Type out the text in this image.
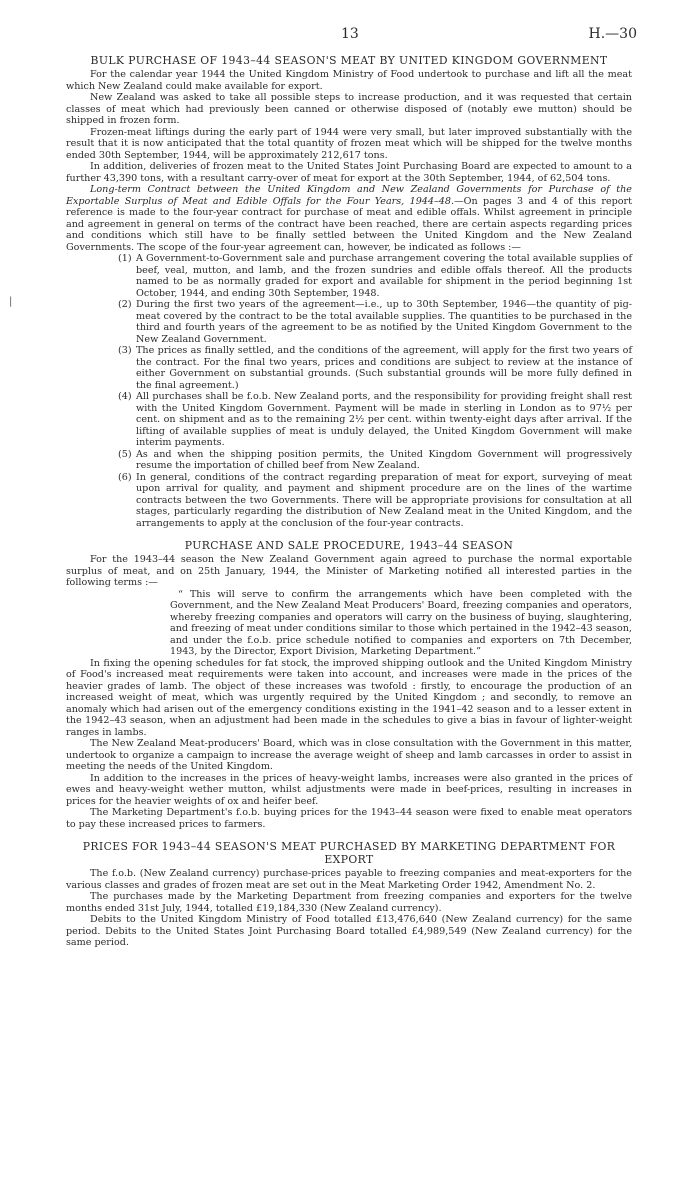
|
13	H.—30
BULK PURCHASE OF 1943–44 SEASON'S MEAT BY UNITED KINGDOM GOVERNMENT

For the calendar year 1944 the United Kingdom Ministry of Food undertook to purchase and lift all the meat which New Zealand could make available for export.

New Zealand was asked to take all possible steps to increase production, and it was requested that certain classes of meat which had previously been canned or otherwise disposed of (notably ewe mutton) should be shipped in frozen form.

Frozen-meat liftings during the early part of 1944 were very small, but later improved substantially with the result that it is now anticipated that the total quantity of frozen meat which will be shipped for the twelve months ended 30th September, 1944, will be approximately 212,617 tons.

In addition, deliveries of frozen meat to the United States Joint Purchasing Board are expected to amount to a further 43,390 tons, with a resultant carry-over of meat for export at the 30th September, 1944, of 62,504 tons.

Long-term Contract between the United Kingdom and New Zealand Governments for Purchase of the Exportable Surplus of Meat and Edible Offals for the Four Years, 1944–48.—On pages 3 and 4 of this report reference is made to the four-year contract for purchase of meat and edible offals. Whilst agreement in principle and agreement in general on terms of the contract have been reached, there are certain aspects regarding prices and conditions which still have to be finally settled between the United Kingdom and the New Zealand Governments. The scope of the four-year agreement can, however, be indicated as follows :—

(1) A Government-to-Government sale and purchase arrangement covering the total available supplies of beef, veal, mutton, and lamb, and the frozen sundries and edible offals thereof. All the products named to be as normally graded for export and available for shipment in the period beginning 1st October, 1944, and ending 30th September, 1948.
(2) During the first two years of the agreement—i.e., up to 30th September, 1946—the quantity of pig-meat covered by the contract to be the total available supplies. The quantities to be purchased in the third and fourth years of the agreement to be as notified by the United Kingdom Government to the New Zealand Government.
(3) The prices as finally settled, and the conditions of the agreement, will apply for the first two years of the contract. For the final two years, prices and conditions are subject to review at the instance of either Government on substantial grounds. (Such substantial grounds will be more fully defined in the final agreement.)
(4) All purchases shall be f.o.b. New Zealand ports, and the responsibility for providing freight shall rest with the United Kingdom Government. Payment will be made in sterling in London as to 97½ per cent. on shipment and as to the remaining 2½ per cent. within twenty-eight days after arrival. If the lifting of available supplies of meat is unduly delayed, the United Kingdom Government will make interim payments.
(5) As and when the shipping position permits, the United Kingdom Government will progressively resume the importation of chilled beef from New Zealand.
(6) In general, conditions of the contract regarding preparation of meat for export, surveying of meat upon arrival for quality, and payment and shipment procedure are on the lines of the wartime contracts between the two Governments. There will be appropriate provisions for consultation at all stages, particularly regarding the distribution of New Zealand meat in the United Kingdom, and the arrangements to apply at the conclusion of the four-year contracts.
PURCHASE AND SALE PROCEDURE, 1943–44 SEASON

For the 1943–44 season the New Zealand Government again agreed to purchase the normal exportable surplus of meat, and on 25th January, 1944, the Minister of Marketing notified all interested parties in the following terms :—

“ This will serve to confirm the arrangements which have been completed with the Government, and the New Zealand Meat Producers' Board, freezing companies and operators, whereby freezing companies and operators will carry on the business of buying, slaughtering, and freezing of meat under conditions similar to those which pertained in the 1942–43 season, and under the f.o.b. price schedule notified to companies and exporters on 7th December, 1943, by the Director, Export Division, Marketing Department.”

In fixing the opening schedules for fat stock, the improved shipping outlook and the United Kingdom Ministry of Food's increased meat requirements were taken into account, and increases were made in the prices of the heavier grades of lamb. The object of these increases was twofold : firstly, to encourage the production of an increased weight of meat, which was urgently required by the United Kingdom ; and secondly, to remove an anomaly which had arisen out of the emergency conditions existing in the 1941–42 season and to a lesser extent in the 1942–43 season, when an adjustment had been made in the schedules to give a bias in favour of lighter-weight ranges in lambs.

The New Zealand Meat-producers' Board, which was in close consultation with the Government in this matter, undertook to organize a campaign to increase the average weight of sheep and lamb carcasses in order to assist in meeting the needs of the United Kingdom.

In addition to the increases in the prices of heavy-weight lambs, increases were also granted in the prices of ewes and heavy-weight wether mutton, whilst adjustments were made in beef-prices, resulting in increases in prices for the heavier weights of ox and heifer beef.

The Marketing Department's f.o.b. buying prices for the 1943–44 season were fixed to enable meat operators to pay these increased prices to farmers.

PRICES FOR 1943–44 SEASON'S MEAT PURCHASED BY MARKETING DEPARTMENT FOR EXPORT

The f.o.b. (New Zealand currency) purchase-prices payable to freezing companies and meat-exporters for the various classes and grades of frozen meat are set out in the Meat Marketing Order 1942, Amendment No. 2.

The purchases made by the Marketing Department from freezing companies and exporters for the twelve months ended 31st July, 1944, totalled £19,184,330 (New Zealand currency).

Debits to the United Kingdom Ministry of Food totalled £13,476,640 (New Zealand currency) for the same period. Debits to the United States Joint Purchasing Board totalled £4,989,549 (New Zealand currency) for the same period.
